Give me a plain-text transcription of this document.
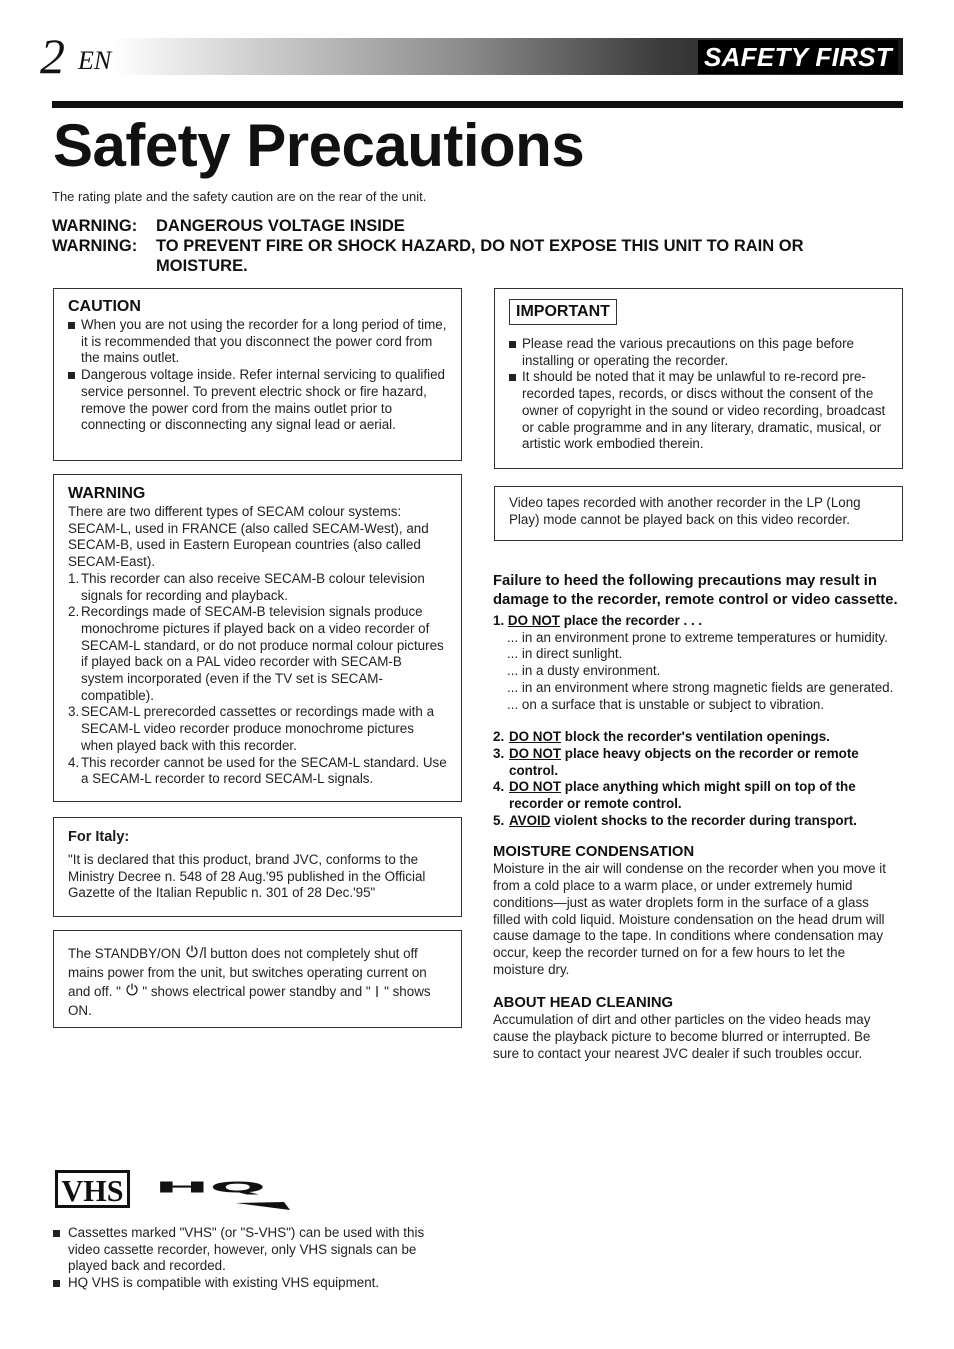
2 EN	SAFETY FIRST
Safety Precautions
The rating plate and the safety caution are on the rear of the unit.
WARNING:	DANGEROUS VOLTAGE INSIDE
WARNING:	TO PREVENT FIRE OR SHOCK HAZARD, DO NOT EXPOSE THIS UNIT TO RAIN OR MOISTURE.
CAUTION
When you are not using the recorder for a long period of time, it is recommended that you disconnect the power cord from the mains outlet.
Dangerous voltage inside. Refer internal servicing to qualified service personnel. To prevent electric shock or fire hazard, remove the power cord from the mains outlet prior to connecting or disconnecting any signal lead or aerial.
WARNING
There are two different types of SECAM colour systems: SECAM-L, used in FRANCE (also called SECAM-West), and SECAM-B, used in Eastern European countries (also called SECAM-East).
1. This recorder can also receive SECAM-B colour television signals for recording and playback.
2. Recordings made of SECAM-B television signals produce monochrome pictures if played back on a video recorder of SECAM-L standard, or do not produce normal colour pictures if played back on a PAL video recorder with SECAM-B system incorporated (even if the TV set is SECAM-compatible).
3. SECAM-L prerecorded cassettes or recordings made with a SECAM-L video recorder produce monochrome pictures when played back with this recorder.
4. This recorder cannot be used for the SECAM-L standard. Use a SECAM-L recorder to record SECAM-L signals.
For Italy:
"It is declared that this product, brand JVC, conforms to the Ministry Decree n. 548 of 28 Aug.'95 published in the Official Gazette of the Italian Republic n. 301 of 28 Dec.'95"
The STANDBY/ON  button does not completely shut off mains power from the unit, but switches operating current on and off. "  " shows electrical power standby and "  " shows ON.
VHS HQ
Cassettes marked "VHS" (or "S-VHS") can be used with this video cassette recorder, however, only VHS signals can be played back and recorded.
HQ VHS is compatible with existing VHS equipment.
IMPORTANT
Please read the various precautions on this page before installing or operating the recorder.
It should be noted that it may be unlawful to re-record pre-recorded tapes, records, or discs without the consent of the owner of copyright in the sound or video recording, broadcast or cable programme and in any literary, dramatic, musical, or artistic work embodied therein.
Video tapes recorded with another recorder in the LP (Long Play) mode cannot be played back on this video recorder.
Failure to heed the following precautions may result in damage to the recorder, remote control or video cassette.
1. DO NOT place the recorder . . .
... in an environment prone to extreme temperatures or humidity.
... in direct sunlight.
... in a dusty environment.
... in an environment where strong magnetic fields are generated.
... on a surface that is unstable or subject to vibration.
2. DO NOT block the recorder's ventilation openings.
3. DO NOT place heavy objects on the recorder or remote control.
4. DO NOT place anything which might spill on top of the recorder or remote control.
5. AVOID violent shocks to the recorder during transport.
MOISTURE CONDENSATION
Moisture in the air will condense on the recorder when you move it from a cold place to a warm place, or under extremely humid conditions—just as water droplets form in the surface of a glass filled with cold liquid. Moisture condensation on the head drum will cause damage to the tape. In conditions where condensation may occur, keep the recorder turned on for a few hours to let the moisture dry.
ABOUT HEAD CLEANING
Accumulation of dirt and other particles on the video heads may cause the playback picture to become blurred or interrupted. Be sure to contact your nearest JVC dealer if such troubles occur.
